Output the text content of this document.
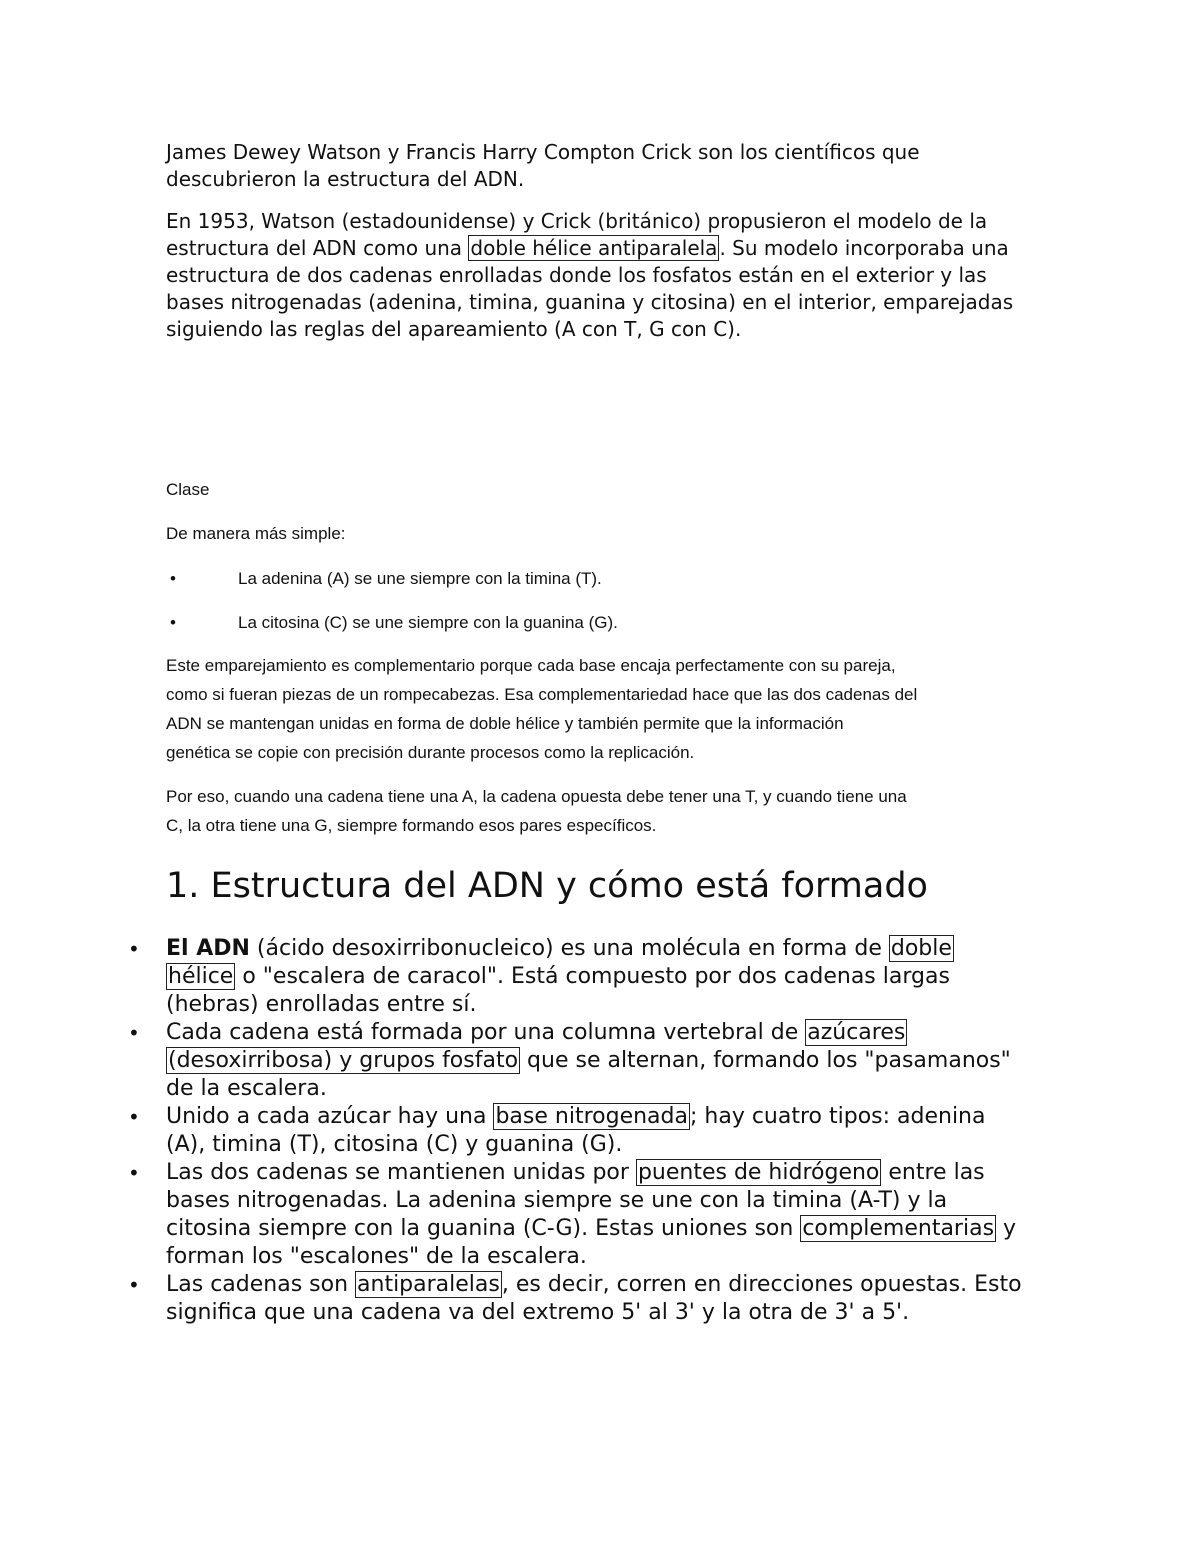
James Dewey Watson y Francis Harry Compton Crick son los científicos que descubrieron la estructura del ADN.

En 1953, Watson (estadounidense) y Crick (británico) propusieron el modelo de la estructura del ADN como una doble hélice antiparalela . Su modelo incorporaba una estructura de dos cadenas enrolladas donde los fosfatos están en el exterior y las bases nitrogenadas (adenina, timina, guanina y citosina) en el interior, emparejadas siguiendo las reglas del apareamiento (A con T, G con C).

Clase

De manera más simple:

•	La adenina (A) se une siempre con la timina (T).
•	La citosina (C) se une siempre con la guanina (G).

Este emparejamiento es complementario porque cada base encaja perfectamente con su pareja,

como si fueran piezas de un rompecabezas. Esa complementariedad hace que las dos cadenas del

ADN se mantengan unidas en forma de doble hélice y también permite que la información

genética se copie con precisión durante procesos como la replicación.

Por eso, cuando una cadena tiene una A, la cadena opuesta debe tener una T, y cuando tiene una

C, la otra tiene una G, siempre formando esos pares específicos.

1. Estructura del ADN y cómo está formado
• El ADN (ácido desoxirribonucleico) es una molécula en forma de doble
hélice o "escalera de caracol". Está compuesto por dos cadenas largas (hebras) enrolladas entre sí.
• Cada cadena está formada por una columna vertebral de azúcares
(desoxirribosa) y grupos fosfato que se alternan, formando los "pasamanos" de la escalera.
• Unido a cada azúcar hay una base nitrogenada; hay cuatro tipos: adenina (A), timina (T), citosina (C) y guanina (G).
• Las dos cadenas se mantienen unidas por puentes de hidrógeno entre las bases nitrogenadas. La adenina siempre se une con la timina (A-T) y la citosina siempre con la guanina (C-G). Estas uniones son complementarias y forman los "escalones" de la escalera.
• Las cadenas son antiparalelas, es decir, corren en direcciones opuestas. Esto significa que una cadena va del extremo 5' al 3' y la otra de 3' a 5'.
